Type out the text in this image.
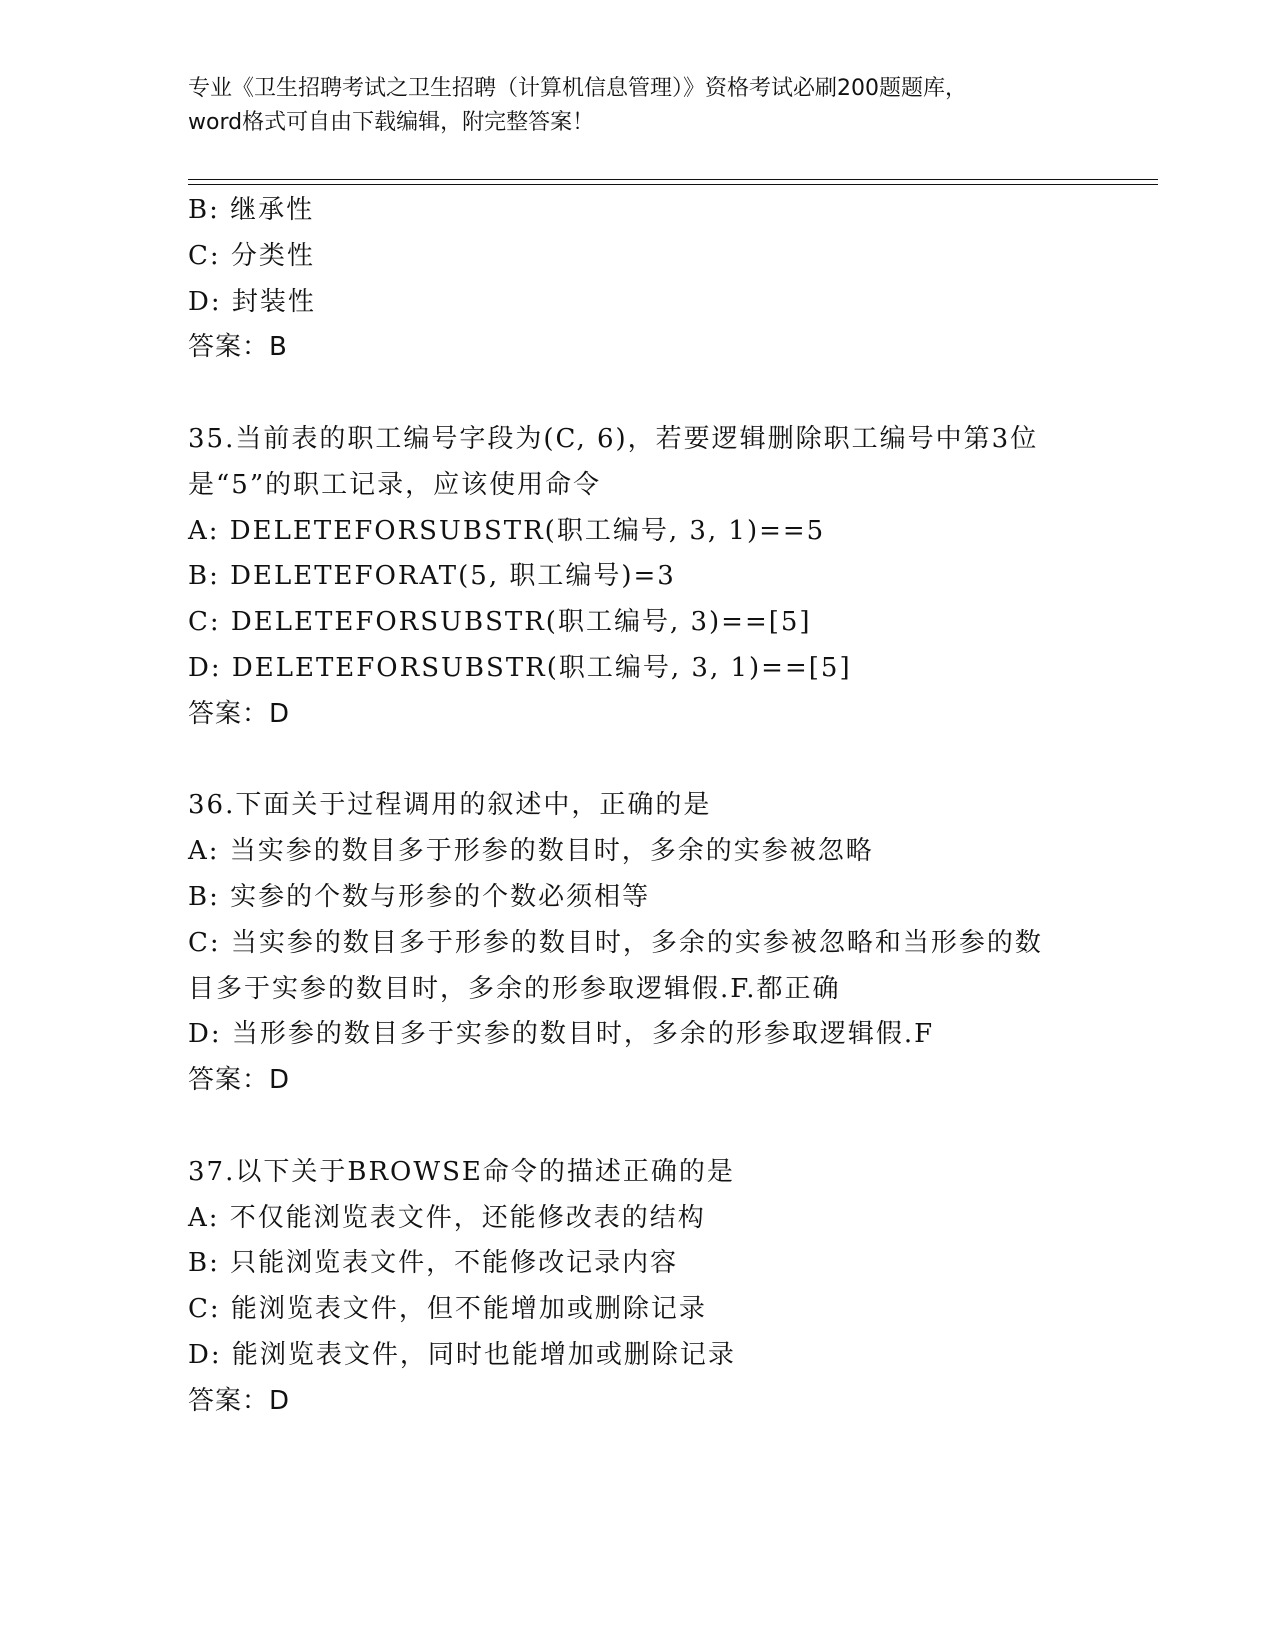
专业《卫生招聘考试之卫生招聘（计算机信息管理）》资格考试必刷200题题库，
word格式可自由下载编辑，附完整答案！
B: 继承性
C: 分类性
D: 封装性
答案：B
35.当前表的职工编号字段为(C, 6)，若要逻辑删除职工编号中第3位
是“5”的职工记录，应该使用命令
A: DELETEFORSUBSTR(职工编号, 3, 1)==5
B: DELETEFORAT(5, 职工编号)=3
C: DELETEFORSUBSTR(职工编号, 3)==[5]
D: DELETEFORSUBSTR(职工编号, 3, 1)==[5]
答案：D
36.下面关于过程调用的叙述中，正确的是
A: 当实参的数目多于形参的数目时，多余的实参被忽略
B: 实参的个数与形参的个数必须相等
C: 当实参的数目多于形参的数目时，多余的实参被忽略和当形参的数
目多于实参的数目时，多余的形参取逻辑假.F.都正确
D: 当形参的数目多于实参的数目时，多余的形参取逻辑假.F
答案：D
37.以下关于BROWSE命令的描述正确的是
A: 不仅能浏览表文件，还能修改表的结构
B: 只能浏览表文件，不能修改记录内容
C: 能浏览表文件，但不能增加或删除记录
D: 能浏览表文件，同时也能增加或删除记录
答案：D
